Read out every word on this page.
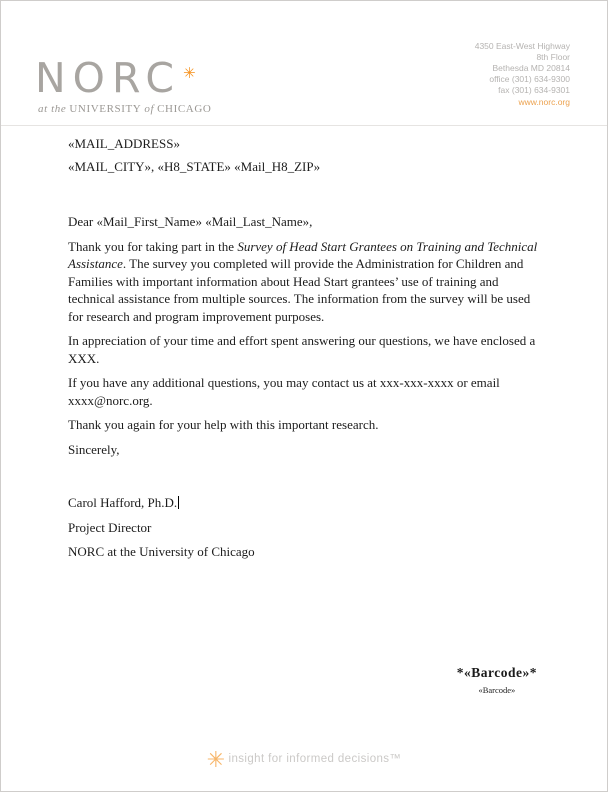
4350 East-West Highway
8th Floor
Bethesda MD 20814
office (301) 634-9300
fax (301) 634-9301
www.norc.org
NORC ✳
at the UNIVERSITY of CHICAGO
«MAIL_ADDRESS»
«MAIL_CITY», «H8_STATE» «Mail_H8_ZIP»

Dear «Mail_First_Name» «Mail_Last_Name»,

Thank you for taking part in the Survey of Head Start Grantees on Training and Technical Assistance. The survey you completed will provide the Administration for Children and Families with important information about Head Start grantees’ use of training and technical assistance from multiple sources. The information from the survey will be used for research and program improvement purposes.

In appreciation of your time and effort spent answering our questions, we have enclosed a XXX.

If you have any additional questions, you may contact us at xxx-xxx-xxxx or email xxxx@norc.org.

Thank you again for your help with this important research.

Sincerely,

Carol Hafford, Ph.D.

Project Director

NORC at the University of Chicago

*«Barcode»*
«Barcode»
✳ insight for informed decisions™
